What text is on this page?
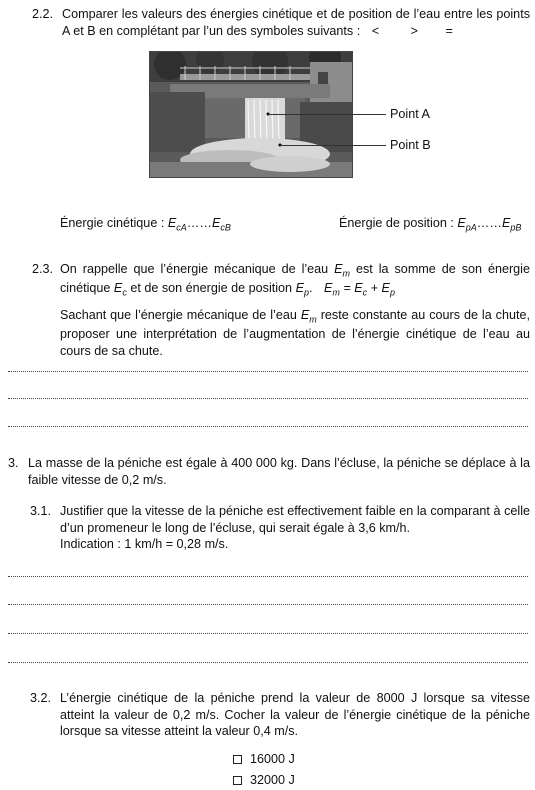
2.2. Comparer les valeurs des énergies cinétique et de position de l’eau entre les points A et B en complétant par l’un des symboles suivants : <	> =
Point A
Point B
Énergie cinétique : $E_{cA}\dots\dots E_{cB}$	Énergie de position : $E_{pA}\dots\dots E_{pB}$
2.3. On rappelle que l’énergie mécanique de l’eau $E_m$ est la somme de son énergie cinétique $E_c$ et de son énergie de position $E_p$. $E_m = E_c + E_p$
Sachant que l’énergie mécanique de l’eau $E_m$ reste constante au cours de la chute, proposer une interprétation de l’augmentation de l’énergie cinétique de l’eau au cours de sa chute.
3. La masse de la péniche est égale à 400 000 kg. Dans l’écluse, la péniche se déplace à la faible vitesse de 0,2 m/s.
3.1. Justifier que la vitesse de la péniche est effectivement faible en la comparant à celle d’un promeneur le long de l’écluse, qui serait égale à 3,6 km/h.
Indication : 1 km/h = 0,28 m/s.
3.2. L’énergie cinétique de la péniche prend la valeur de 8000 J lorsque sa vitesse atteint la valeur de 0,2 m/s. Cocher la valeur de l’énergie cinétique de la péniche lorsque sa vitesse atteint la valeur 0,4 m/s.
16000 J
32000 J
